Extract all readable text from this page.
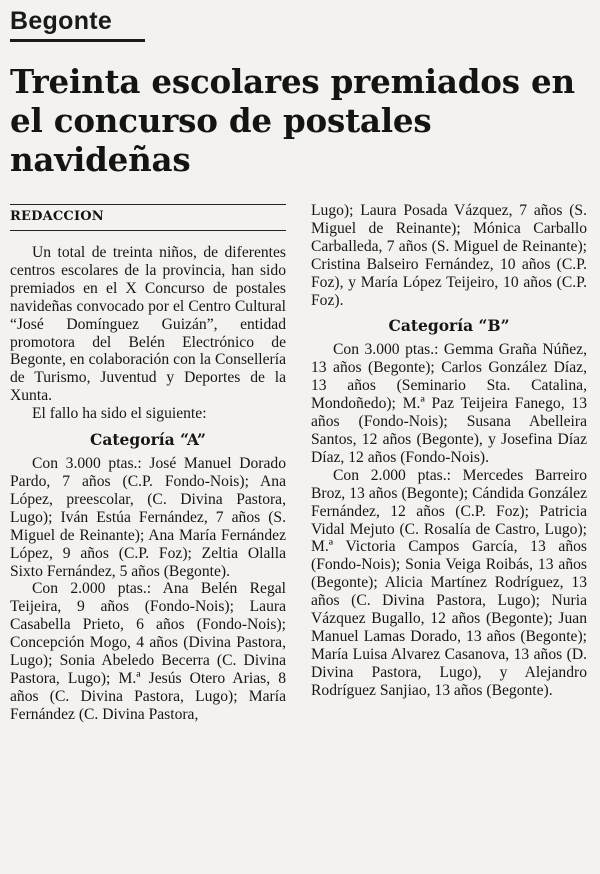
Begonte
Treinta escolares premiados en el concurso de postales navideñas
REDACCION

Un total de treinta niños, de diferentes centros escolares de la provincia, han sido premiados en el X Concurso de postales navideñas convocado por el Centro Cultural “José Domínguez Guizán”, entidad promotora del Belén Electrónico de Begonte, en colaboración con la Consellería de Turismo, Juventud y Deportes de la Xunta.

El fallo ha sido el siguiente:

Categoría “A”

Con 3.000 ptas.: José Manuel Dorado Pardo, 7 años (C.P. Fondo-Nois); Ana López, preescolar, (C. Divina Pastora, Lugo); Iván Estúa Fernández, 7 años (S. Miguel de Reinante); Ana María Fernández López, 9 años (C.P. Foz); Zeltia Olalla Sixto Fernández, 5 años (Begonte).

Con 2.000 ptas.: Ana Belén Regal Teijeira, 9 años (Fondo-Nois); Laura Casabella Prieto, 6 años (Fondo-Nois); Concepción Mogo, 4 años (Divina Pastora, Lugo); Sonia Abeledo Becerra (C. Divina Pastora, Lugo); M.ª Jesús Otero Arias, 8 años (C. Divina Pastora, Lugo); María Fernández (C. Divina Pastora,

Lugo); Laura Posada Vázquez, 7 años (S. Miguel de Reinante); Mónica Carballo Carballeda, 7 años (S. Miguel de Reinante); Cristina Balseiro Fernández, 10 años (C.P. Foz), y María López Teijeiro, 10 años (C.P. Foz).

Categoría “B”

Con 3.000 ptas.: Gemma Graña Núñez, 13 años (Begonte); Carlos González Díaz, 13 años (Seminario Sta. Catalina, Mondoñedo); M.ª Paz Teijeira Fanego, 13 años (Fondo-Nois); Susana Abelleira Santos, 12 años (Begonte), y Josefina Díaz Díaz, 12 años (Fondo-Nois).

Con 2.000 ptas.: Mercedes Barreiro Broz, 13 años (Begonte); Cándida González Fernández, 12 años (C.P. Foz); Patricia Vidal Mejuto (C. Rosalía de Castro, Lugo); M.ª Victoria Campos García, 13 años (Fondo-Nois); Sonia Veiga Roibás, 13 años (Begonte); Alicia Martínez Rodríguez, 13 años (C. Divina Pastora, Lugo); Nuria Vázquez Bugallo, 12 años (Begonte); Juan Manuel Lamas Dorado, 13 años (Begonte); María Luisa Alvarez Casanova, 13 años (D. Divina Pastora, Lugo), y Alejandro Rodríguez Sanjiao, 13 años (Begonte).
